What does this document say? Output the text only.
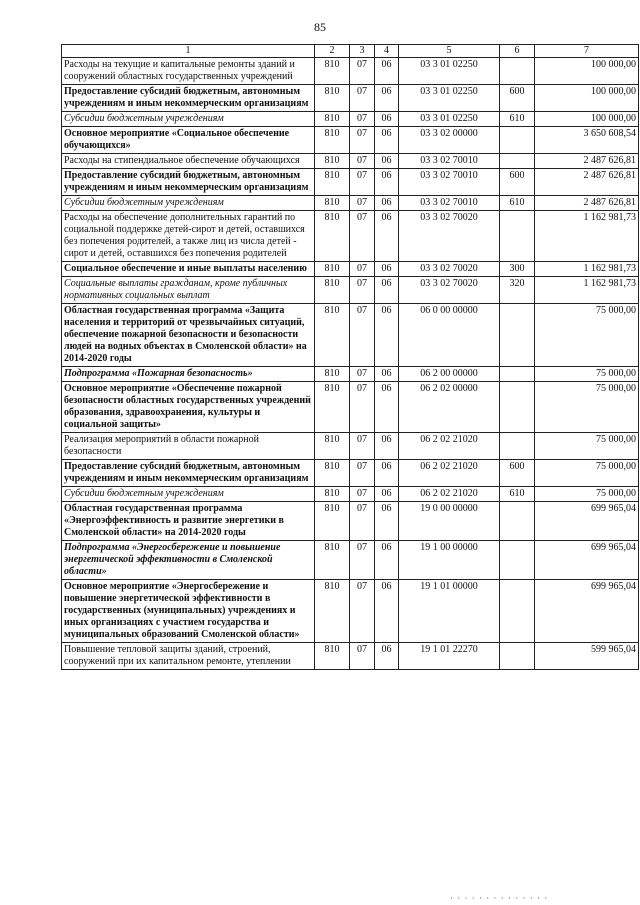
85
1	2	3	4	5	6	7
Расходы на текущие и капитальные ремонты зданий и сооружений областных государственных учреждений	810	07	06	03 3 01 02250		100 000,00
Предоставление субсидий бюджетным, автономным учреждениям и иным некоммерческим организациям	810	07	06	03 3 01 02250	600	100 000,00
Субсидии бюджетным учреждениям	810	07	06	03 3 01 02250	610	100 000,00
Основное мероприятие «Социальное обеспечение обучающихся»	810	07	06	03 3 02 00000		3 650 608,54
Расходы на стипендиальное обеспечение обучающихся	810	07	06	03 3 02 70010		2 487 626,81
Предоставление субсидий бюджетным, автономным учреждениям и иным некоммерческим организациям	810	07	06	03 3 02 70010	600	2 487 626,81
Субсидии бюджетным учреждениям	810	07	06	03 3 02 70010	610	2 487 626,81
Расходы на обеспечение дополнительных гарантий по социальной поддержке детей-сирот и детей, оставшихся без попечения родителей, а также лиц из числа детей - сирот и детей, оставшихся без попечения родителей	810	07	06	03 3 02 70020		1 162 981,73
Социальное обеспечение и иные выплаты населению	810	07	06	03 3 02 70020	300	1 162 981,73
Социальные выплаты гражданам, кроме публичных нормативных социальных выплат	810	07	06	03 3 02 70020	320	1 162 981,73
Областная государственная программа «Защита населения и территорий от чрезвычайных ситуаций, обеспечение пожарной безопасности и безопасности людей на водных объектах в Смоленской области» на 2014-2020 годы	810	07	06	06 0 00 00000		75 000,00
Подпрограмма «Пожарная безопасность»	810	07	06	06 2 00 00000		75 000,00
Основное мероприятие «Обеспечение пожарной безопасности областных государственных учреждений образования, здравоохранения, культуры и социальной защиты»	810	07	06	06 2 02 00000		75 000,00
Реализация мероприятий в области пожарной безопасности	810	07	06	06 2 02 21020		75 000,00
Предоставление субсидий бюджетным, автономным учреждениям и иным некоммерческим организациям	810	07	06	06 2 02 21020	600	75 000,00
Субсидии бюджетным учреждениям	810	07	06	06 2 02 21020	610	75 000,00
Областная государственная программа «Энергоэффективность и развитие энергетики в Смоленской области» на 2014-2020 годы	810	07	06	19 0 00 00000		699 965,04
Подпрограмма «Энергосбережение и повышение энергетической эффективности в Смоленской области»	810	07	06	19 1 00 00000		699 965,04
Основное мероприятие «Энергосбережение и повышение энергетической эффективности в государственных (муниципальных) учреждениях и иных организациях с участием государства и муниципальных образований Смоленской области»	810	07	06	19 1 01 00000		699 965,04
Повышение тепловой защиты зданий, строений, сооружений при их капитальном ремонте, утеплении	810	07	06	19 1 01 22270		599 965,04
· · · · · · · · · · · · · ·
